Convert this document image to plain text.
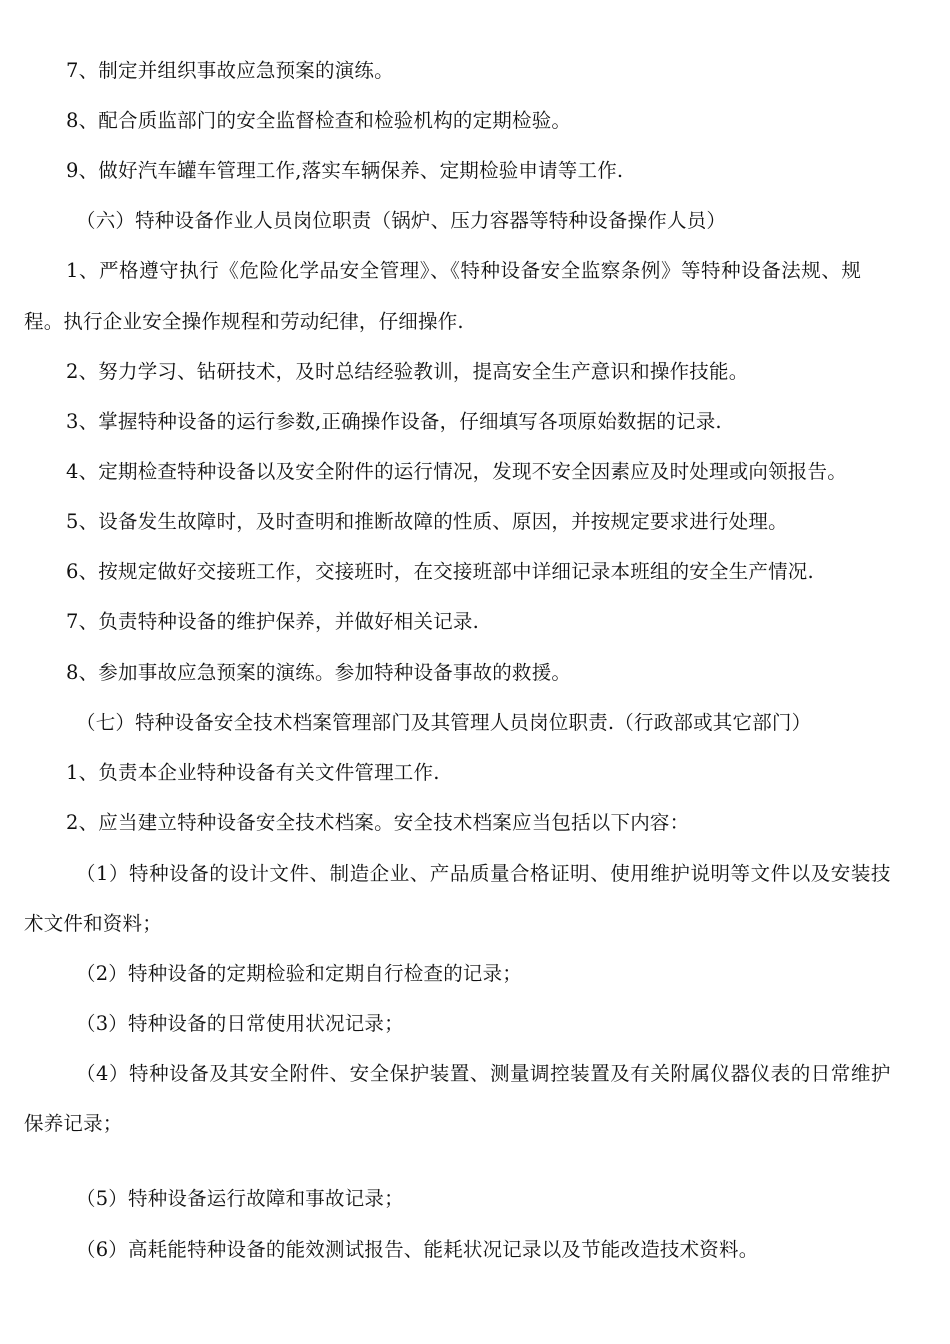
7、制定并组织事故应急预案的演练。
8、配合质监部门的安全监督检查和检验机构的定期检验。
9、做好汽车罐车管理工作,落实车辆保养、定期检验申请等工作.
（六）特种设备作业人员岗位职责（锅炉、压力容器等特种设备操作人员）
1、严格遵守执行《危险化学品安全管理》、《特种设备安全监察条例》等特种设备法规、规
程。执行企业安全操作规程和劳动纪律，仔细操作.
2、努力学习、钻研技术，及时总结经验教训，提高安全生产意识和操作技能。
3、掌握特种设备的运行参数,正确操作设备，仔细填写各项原始数据的记录.
4、定期检查特种设备以及安全附件的运行情况，发现不安全因素应及时处理或向领报告。
5、设备发生故障时，及时查明和推断故障的性质、原因，并按规定要求进行处理。
6、按规定做好交接班工作，交接班时，在交接班部中详细记录本班组的安全生产情况.
7、负责特种设备的维护保养，并做好相关记录.
8、参加事故应急预案的演练。参加特种设备事故的救援。
（七）特种设备安全技术档案管理部门及其管理人员岗位职责.（行政部或其它部门）
1、负责本企业特种设备有关文件管理工作.
2、应当建立特种设备安全技术档案。安全技术档案应当包括以下内容：
（1）特种设备的设计文件、制造企业、产品质量合格证明、使用维护说明等文件以及安装技
术文件和资料；
（2）特种设备的定期检验和定期自行检查的记录；
（3）特种设备的日常使用状况记录；
（4）特种设备及其安全附件、安全保护装置、测量调控装置及有关附属仪器仪表的日常维护
保养记录；
（5）特种设备运行故障和事故记录；
（6）高耗能特种设备的能效测试报告、能耗状况记录以及节能改造技术资料。
